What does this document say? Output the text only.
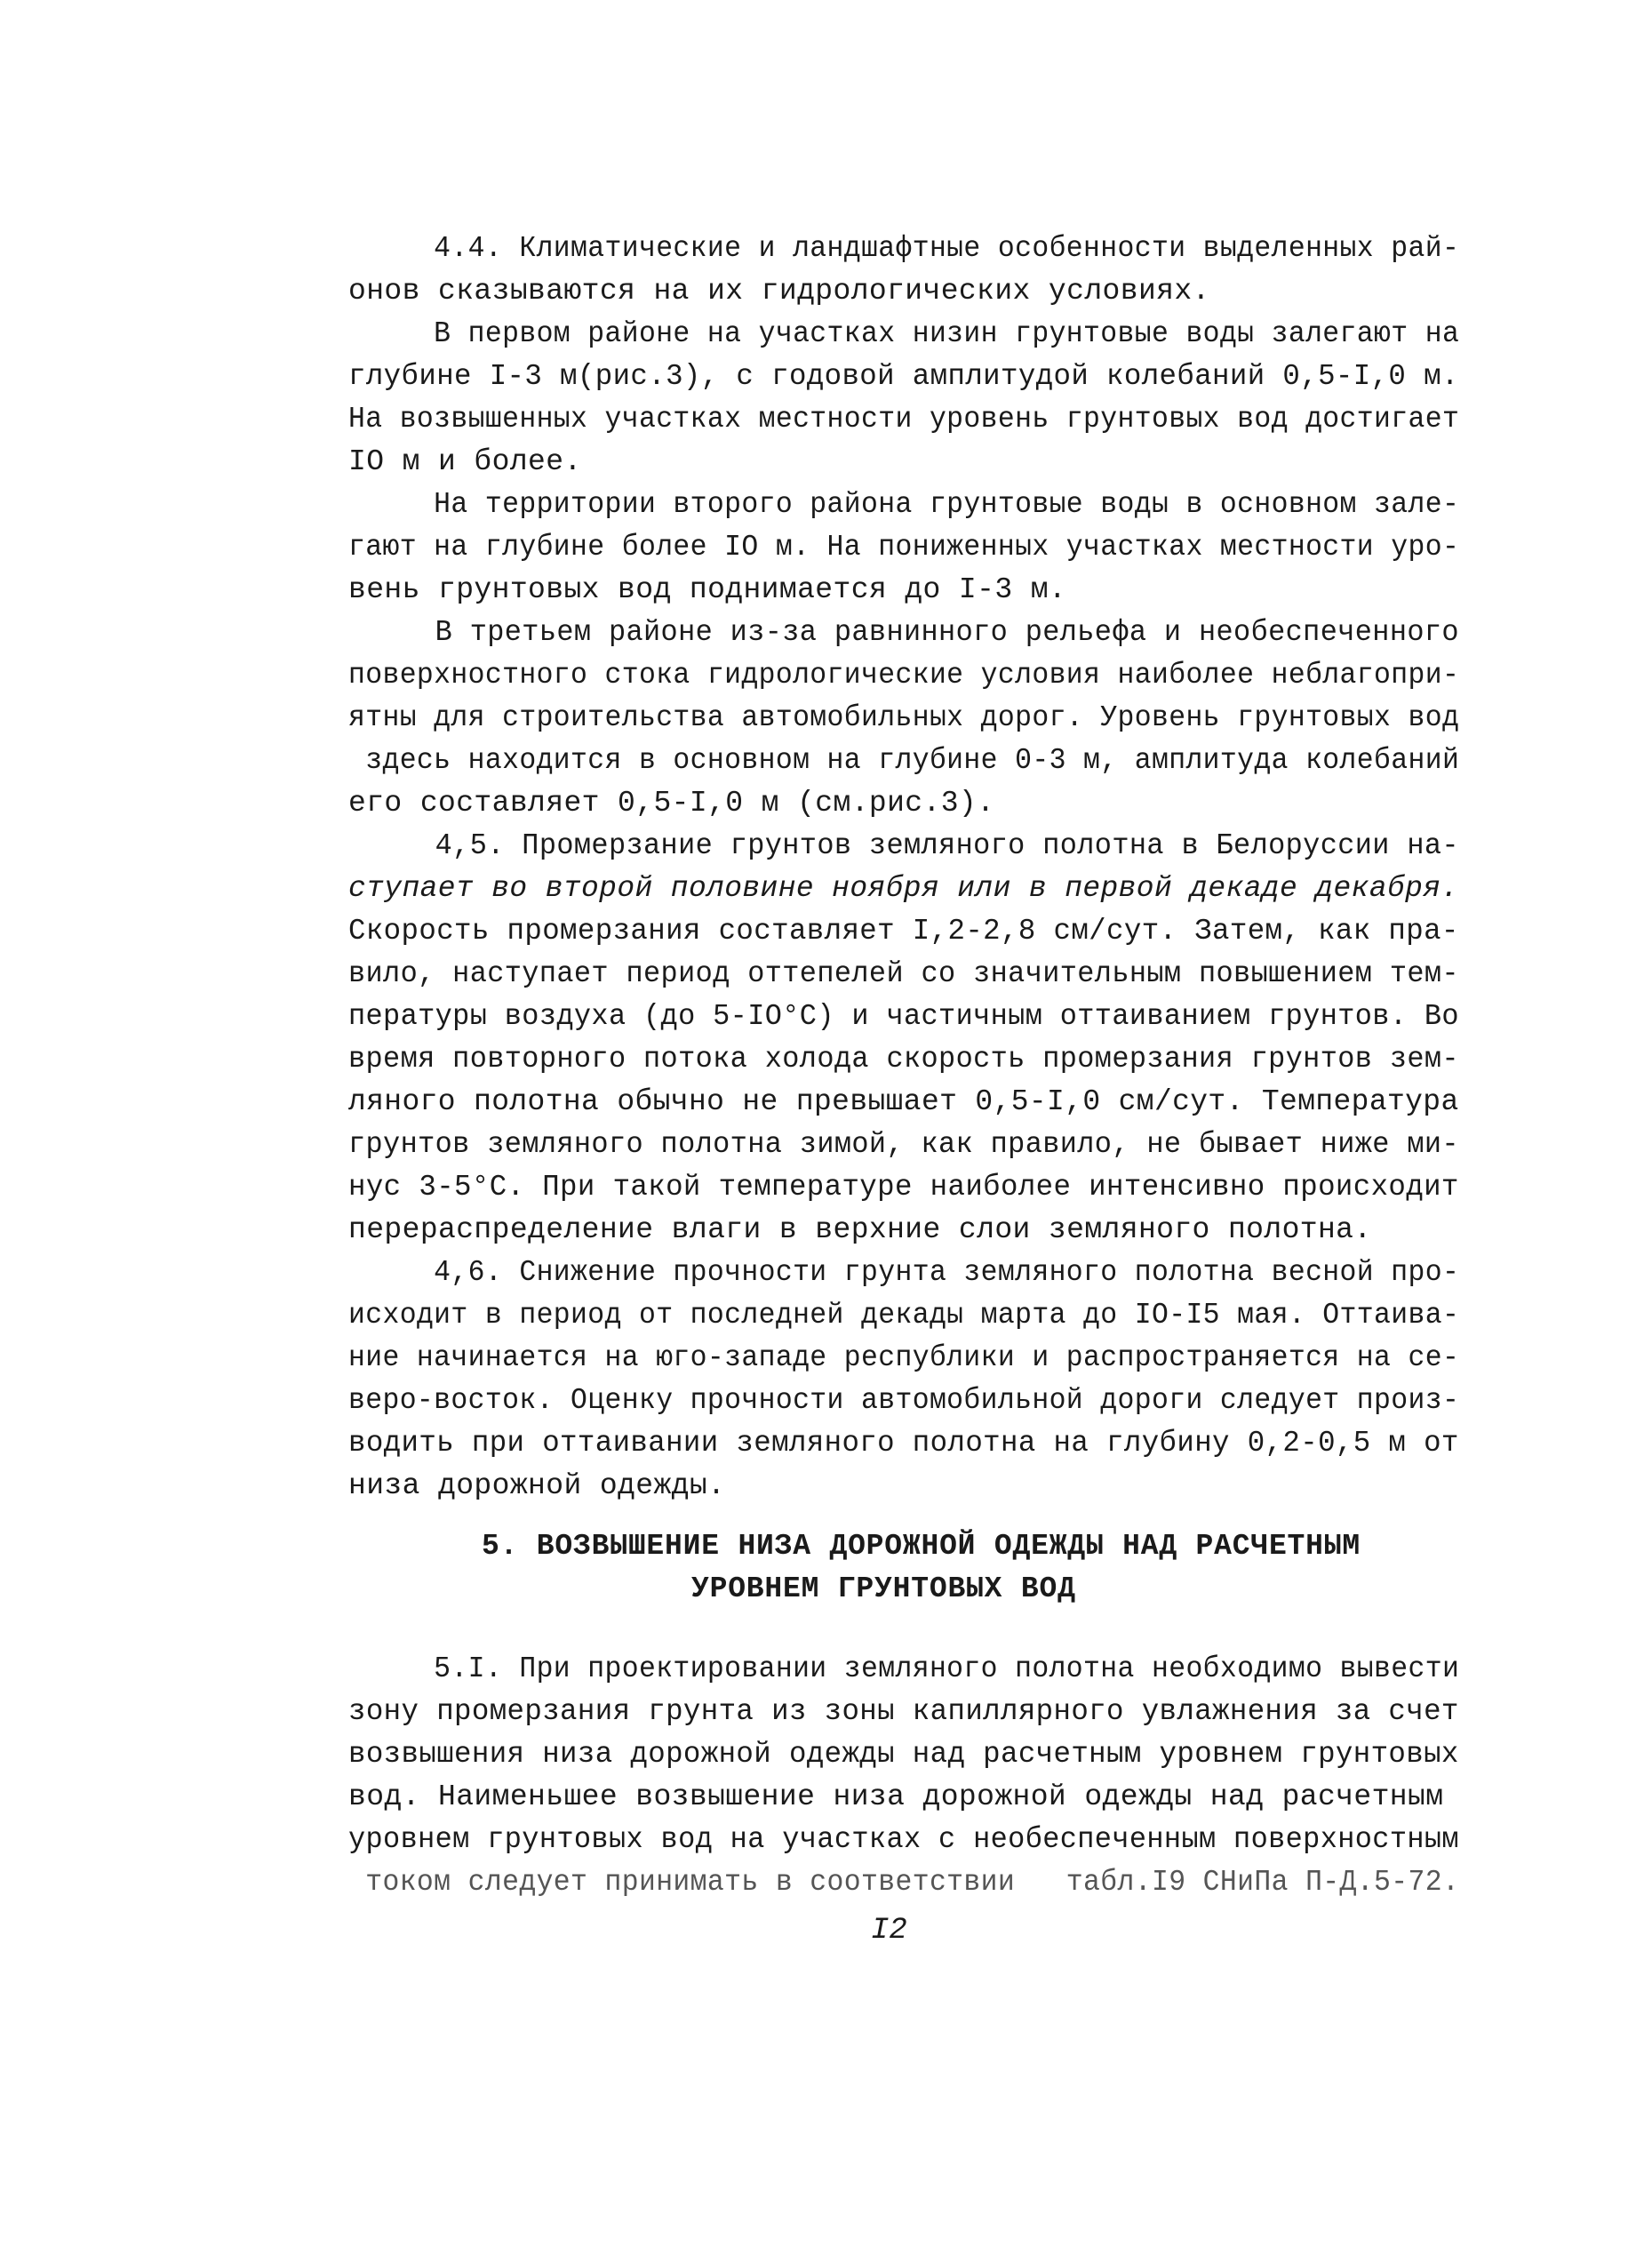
4.4. Климатические и ландшафтные особенности выделенных рай-
онов сказываются на их гидрологических условиях.
В первом районе на участках низин грунтовые воды залегают на
глубине I-3 м(рис.3), с годовой амплитудой колебаний 0,5-I,0 м.
На возвышенных участках местности уровень грунтовых вод достигает
IO м и более.
На территории второго района грунтовые воды в основном зале-
гают на глубине более IO м. На пониженных участках местности уро-
вень грунтовых вод поднимается до I-3 м.
В третьем районе из-за равнинного рельефа и необеспеченного
поверхностного стока гидрологические условия наиболее неблагопри-
ятны для строительства автомобильных дорог. Уровень грунтовых вод
здесь находится в основном на глубине 0-3 м, амплитуда колебаний
его составляет 0,5-I,0 м (см.рис.3).
4,5. Промерзание грунтов земляного полотна в Белоруссии на-
ступает во второй половине ноября или в первой декаде декабря.
Скорость промерзания составляет I,2-2,8 см/сут. Затем, как пра-
вило, наступает период оттепелей со значительным повышением тем-
пературы воздуха (до 5-IO°С) и частичным оттаиванием грунтов. Во
время повторного потока холода скорость промерзания грунтов зем-
ляного полотна обычно не превышает 0,5-I,0 см/сут. Температура
грунтов земляного полотна зимой, как правило, не бывает ниже ми-
нус 3-5°С. При такой температуре наиболее интенсивно происходит
перераспределение влаги в верхние слои земляного полотна.
4,6. Снижение прочности грунта земляного полотна весной про-
исходит в период от последней декады марта до IO-I5 мая. Оттаива-
ние начинается на юго-западе республики и распространяется на се-
веро-восток. Оценку прочности автомобильной дороги следует произ-
водить при оттаивании земляного полотна на глубину 0,2-0,5 м от
низа дорожной одежды.
5. ВОЗВЫШЕНИЕ НИЗА ДОРОЖНОЙ ОДЕЖДЫ НАД РАСЧЕТНЫМ
УРОВНЕМ ГРУНТОВЫХ ВОД
5.I. При проектировании земляного полотна необходимо вывести
зону промерзания грунта из зоны капиллярного увлажнения за счет
возвышения низа дорожной одежды над расчетным уровнем грунтовых
вод. Наименьшее возвышение низа дорожной одежды над расчетным
уровнем грунтовых вод на участках с необеспеченным поверхностным
током следует принимать в соответствии   табл.I9 СНиПа П-Д.5-72.
I2
